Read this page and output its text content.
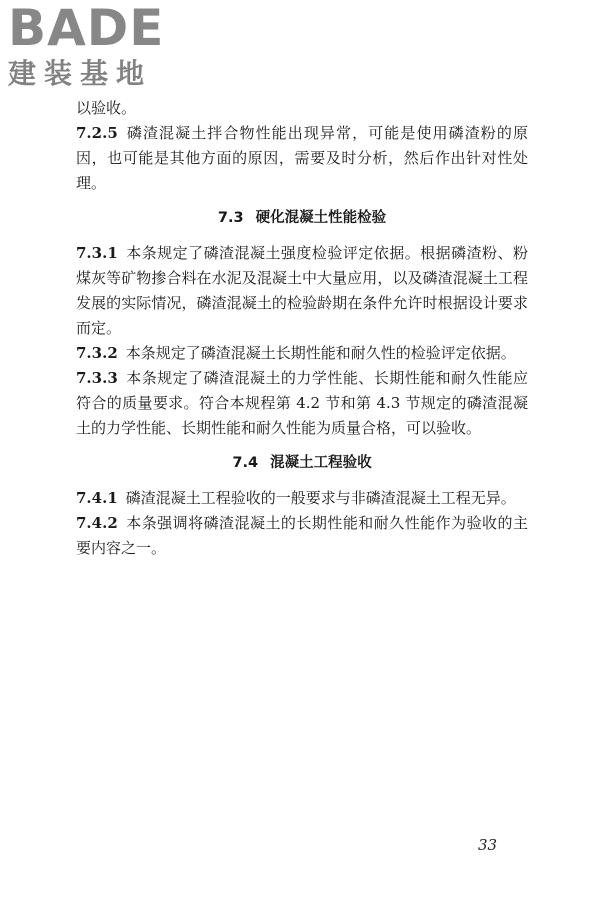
BADE
建装基地

以验收。

7.2.5 磷渣混凝土拌合物性能出现异常，可能是使用磷渣粉的原因，也可能是其他方面的原因，需要及时分析，然后作出针对性处理。

7.3 硬化混凝土性能检验

7.3.1 本条规定了磷渣混凝土强度检验评定依据。根据磷渣粉、粉煤灰等矿物掺合料在水泥及混凝土中大量应用，以及磷渣混凝土工程发展的实际情况，磷渣混凝土的检验龄期在条件允许时根据设计要求而定。

7.3.2 本条规定了磷渣混凝土长期性能和耐久性的检验评定依据。

7.3.3 本条规定了磷渣混凝土的力学性能、长期性能和耐久性能应符合的质量要求。符合本规程第 4.2 节和第 4.3 节规定的磷渣混凝土的力学性能、长期性能和耐久性能为质量合格，可以验收。

7.4 混凝土工程验收

7.4.1 磷渣混凝土工程验收的一般要求与非磷渣混凝土工程无异。

7.4.2 本条强调将磷渣混凝土的长期性能和耐久性能作为验收的主要内容之一。

33
